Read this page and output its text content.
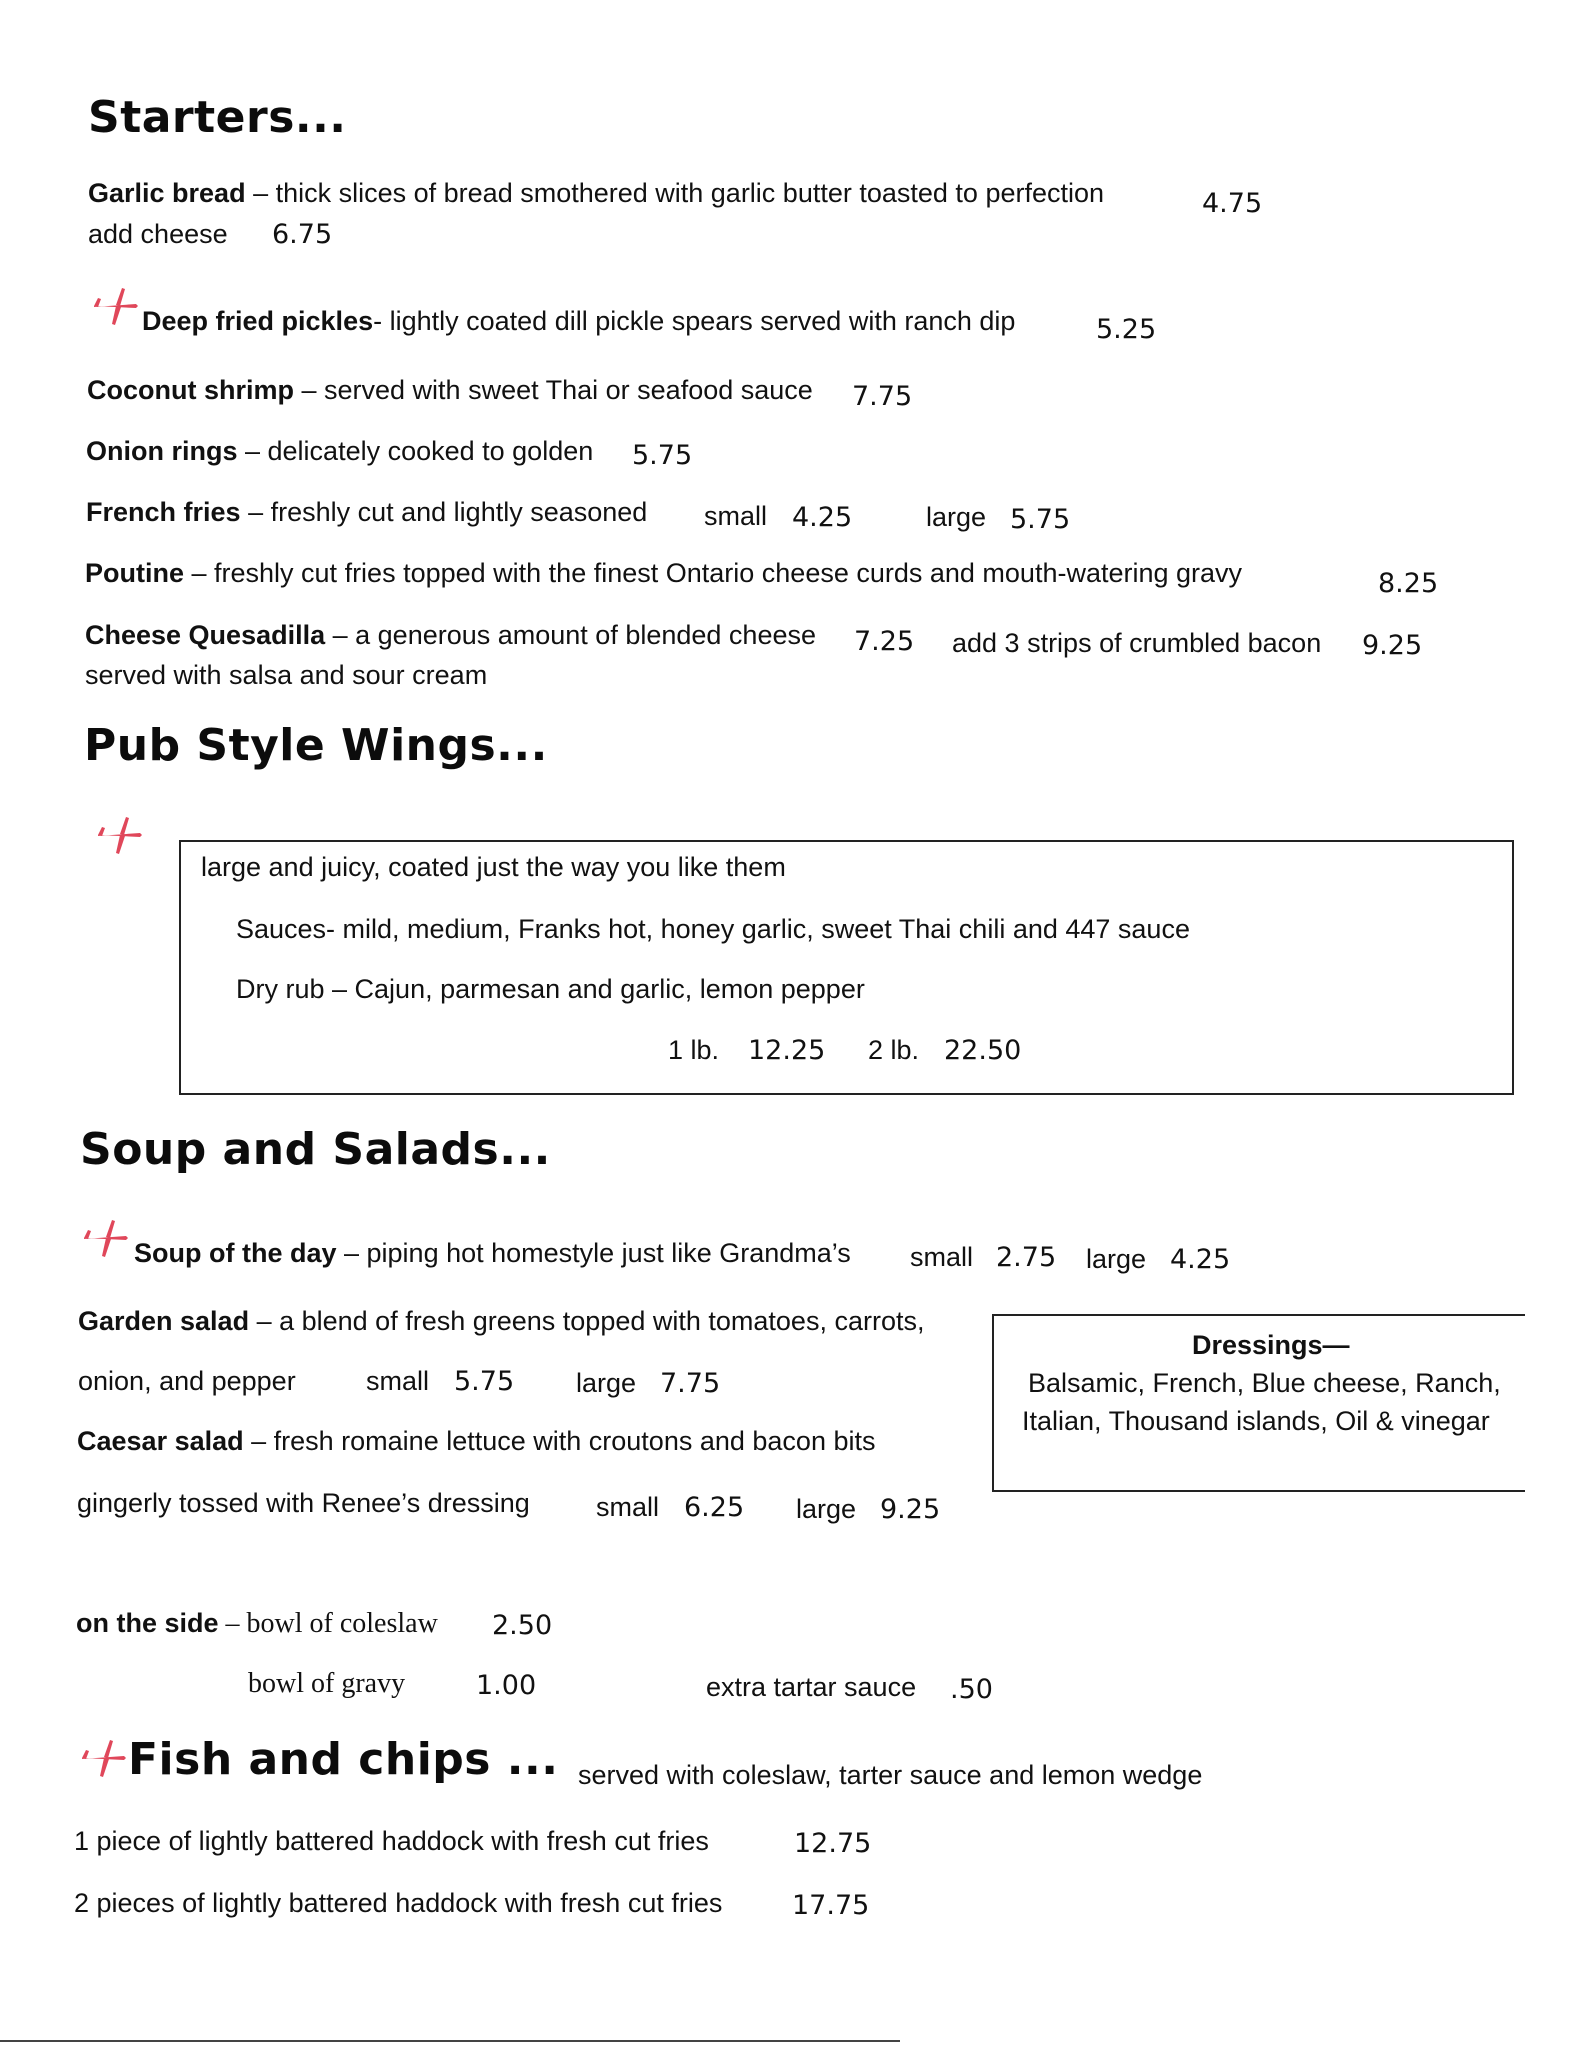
Starters...
Garlic bread – thick slices of bread smothered with garlic butter toasted to perfection	4.75
add cheese 6.75
Deep fried pickles- lightly coated dill pickle spears served with ranch dip	5.25
Coconut shrimp – served with sweet Thai or seafood sauce 7.75
Onion rings – delicately cooked to golden 5.75
French fries – freshly cut and lightly seasoned small 4.25	large 5.75
Poutine – freshly cut fries topped with the finest Ontario cheese curds and mouth-watering gravy	8.25
Cheese Quesadilla – a generous amount of blended cheese 7.25 add 3 strips of crumbled bacon 9.25
served with salsa and sour cream
Pub Style Wings...
large and juicy, coated just the way you like them
Sauces- mild, medium, Franks hot, honey garlic, sweet Thai chili and 447 sauce
Dry rub – Cajun, parmesan and garlic, lemon pepper
1 lb. 12.25 2 lb. 22.50
Soup and Salads...
Soup of the day – piping hot homestyle just like Grandma’s small 2.75 large 4.25
Garden salad – a blend of fresh greens topped with tomatoes, carrots,
onion, and pepper	small 5.75 large 7.75
Caesar salad – fresh romaine lettuce with croutons and bacon bits
gingerly tossed with Renee’s dressing small 6.25 large 9.25
Dressings—
Balsamic, French, Blue cheese, Ranch,
Italian, Thousand islands, Oil & vinegar
on the side – bowl of coleslaw 2.50
bowl of gravy	1.00	extra tartar sauce .50
Fish and chips ... served with coleslaw, tarter sauce and lemon wedge
1 piece of lightly battered haddock with fresh cut fries	12.75
2 pieces of lightly battered haddock with fresh cut fries	17.75
